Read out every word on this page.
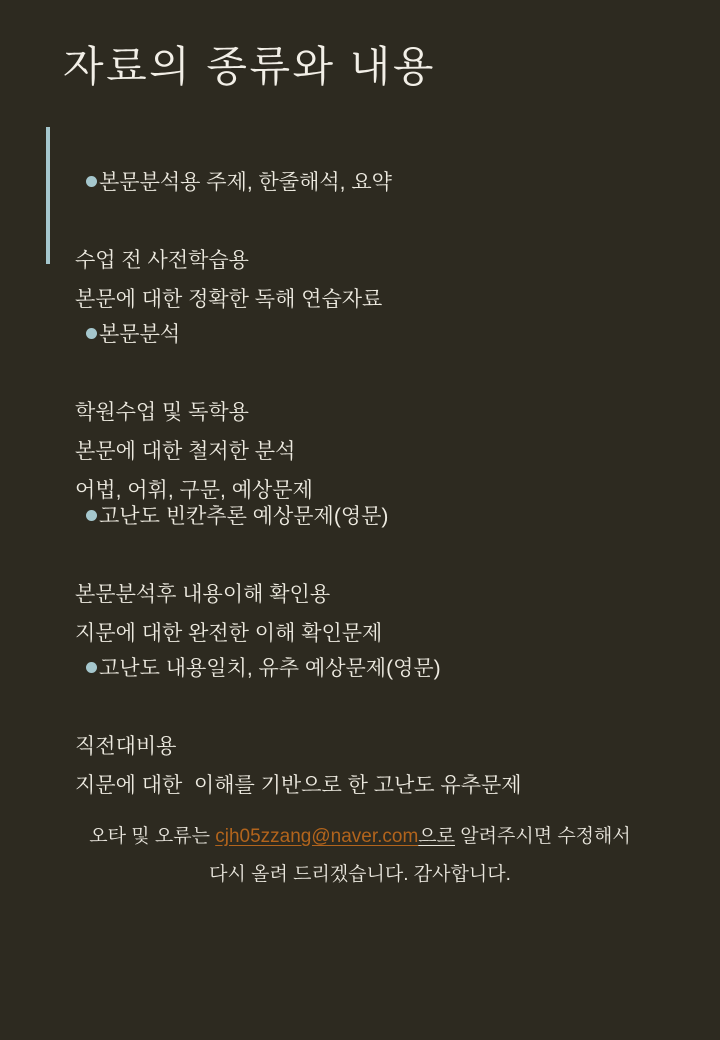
자료의 종류와 내용

본문분석용 주제, 한줄해석, 요약

수업 전 사전학습용
본문에 대한 정확한 독해 연습자료

본문분석

학원수업 및 독학용
본문에 대한 철저한 분석
어법, 어휘, 구문, 예상문제

고난도 빈칸추론 예상문제(영문)

본문분석후 내용이해 확인용
지문에 대한 완전한 이해 확인문제

고난도 내용일치, 유추 예상문제(영문)

직전대비용
지문에 대한  이해를 기반으로 한 고난도 유추문제
오타 및 오류는 cjh05zzang@naver.com으로 알려주시면 수정해서
다시 올려 드리겠습니다. 감사합니다.
